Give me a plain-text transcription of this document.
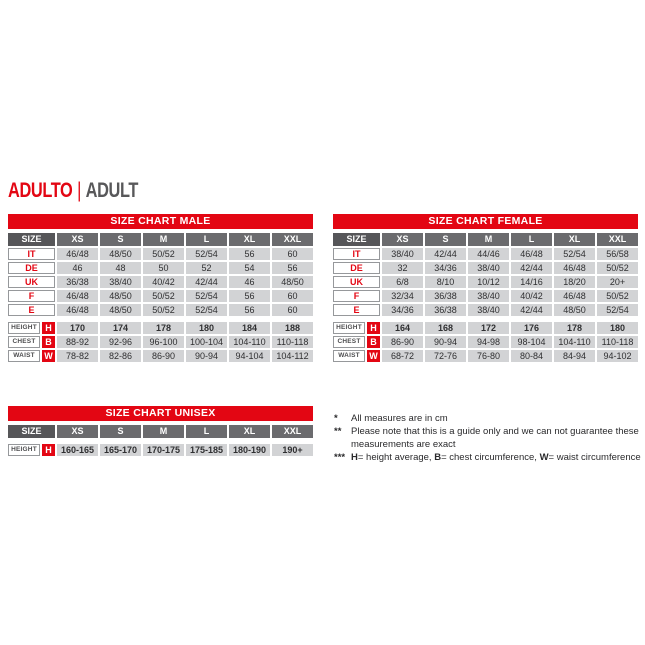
ADULTO | ADULT
SIZE CHART MALE
SIZE	XS	S	M	L	XL	XXL
IT	46/48	48/50	50/52	52/54	56	60
DE	46	48	50	52	54	56
UK	36/38	38/40	40/42	42/44	46	48/50
F	46/48	48/50	50/52	52/54	56	60
E	46/48	48/50	50/52	52/54	56	60
HEIGHT H	170	174	178	180	184	188
CHEST	B	88-92	92-96	96-100	100-104	104-110	110-118
WAIST	W	78-82	82-86	86-90	90-94	94-104	104-112
SIZE CHART FEMALE
SIZE	XS	S	M	L	XL	XXL
IT	38/40	42/44	44/46	46/48	52/54	56/58
DE	32	34/36	38/40	42/44	46/48	50/52
UK	6/8	8/10	10/12	14/16	18/20	20+
F	32/34	36/38	38/40	40/42	46/48	50/52
E	34/36	36/38	38/40	42/44	48/50	52/54
HEIGHT H	164	168	172	176	178	180
CHEST	B	86-90	90-94	94-98	98-104	104-110	110-118
WAIST	W	68-72	72-76	76-80	80-84	84-94	94-102
SIZE CHART UNISEX
SIZE	XS	S	M	L	XL	XXL
HEIGHT H	160-165	165-170	170-175	175-185	180-190	190+
*	All measures are in cm
**	Please note that this is a guide only and we can not guarantee these measurements are exact
*** H= height average, B= chest circumference, W= waist circumference
